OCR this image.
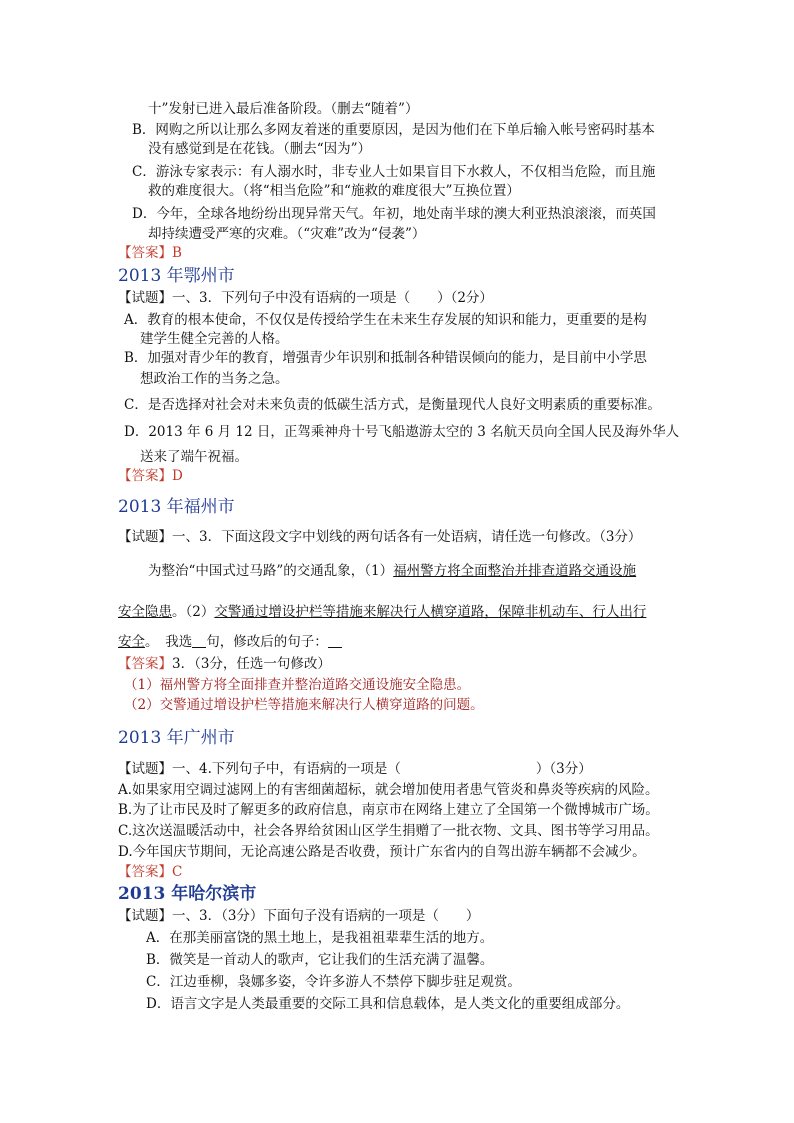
十”发射已进入最后准备阶段。（删去“随着”）
B．网购之所以让那么多网友着迷的重要原因，是因为他们在下单后输入帐号密码时基本
没有感觉到是在花钱。（删去“因为”）
C．游泳专家表示：有人溺水时，非专业人士如果盲目下水救人，不仅相当危险，而且施
救的难度很大。（将“相当危险”和“施救的难度很大”互换位置）
D．今年，全球各地纷纷出现异常天气。年初，地处南半球的澳大利亚热浪滚滚，而英国
却持续遭受严寒的灾难。（“灾难”改为“侵袭”）
【答案】B
2013 年鄂州市
【试题】一、3．下列句子中没有语病的一项是（　　）（2分）
A．教育的根本使命，不仅仅是传授给学生在未来生存发展的知识和能力，更重要的是构
建学生健全完善的人格。
B．加强对青少年的教育，增强青少年识别和抵制各种错误倾向的能力，是目前中小学思
想政治工作的当务之急。
C．是否选择对社会对未来负责的低碳生活方式，是衡量现代人良好文明素质的重要标准。
D．2013 年 6 月 12 日，正驾乘神舟十号飞船遨游太空的 3 名航天员向全国人民及海外华人
送来了端午祝福。
【答案】D
2013 年福州市
【试题】一、3．下面这段文字中划线的两句话各有一处语病，请任选一句修改。（3分）
为整治“中国式过马路”的交通乱象，（1）福州警方将全面整治并排查道路交通设施
安全隐患。（2）交警通过增设护栏等措施来解决行人横穿道路，保障非机动车、行人出行
安全。　我选 句，修改后的句子：
【答案】3．（3分，任选一句修改）
（1）福州警方将全面排查并整治道路交通设施安全隐患。
（2）交警通过增设护栏等措施来解决行人横穿道路的问题。
2013 年广州市
【试题】一、4.下列句子中，有语病的一项是（　　　　　　　　　　）（3分）
A.如果家用空调过滤网上的有害细菌超标，就会增加使用者患气管炎和鼻炎等疾病的风险。
B.为了让市民及时了解更多的政府信息，南京市在网络上建立了全国第一个微博城市广场。
C.这次送温暖活动中，社会各界给贫困山区学生捐赠了一批衣物、文具、图书等学习用品。
D.今年国庆节期间，无论高速公路是否收费，预计广东省内的自驾出游车辆都不会减少。
【答案】C
2013 年哈尔滨市
【试题】一、3．（3分）下面句子没有语病的一项是（　　）
A．在那美丽富饶的黑土地上，是我祖祖辈辈生活的地方。
B．微笑是一首动人的歌声，它让我们的生活充满了温馨。
C．江边垂柳，袅娜多姿，令许多游人不禁停下脚步驻足观赏。
D．语言文字是人类最重要的交际工具和信息载体，是人类文化的重要组成部分。
